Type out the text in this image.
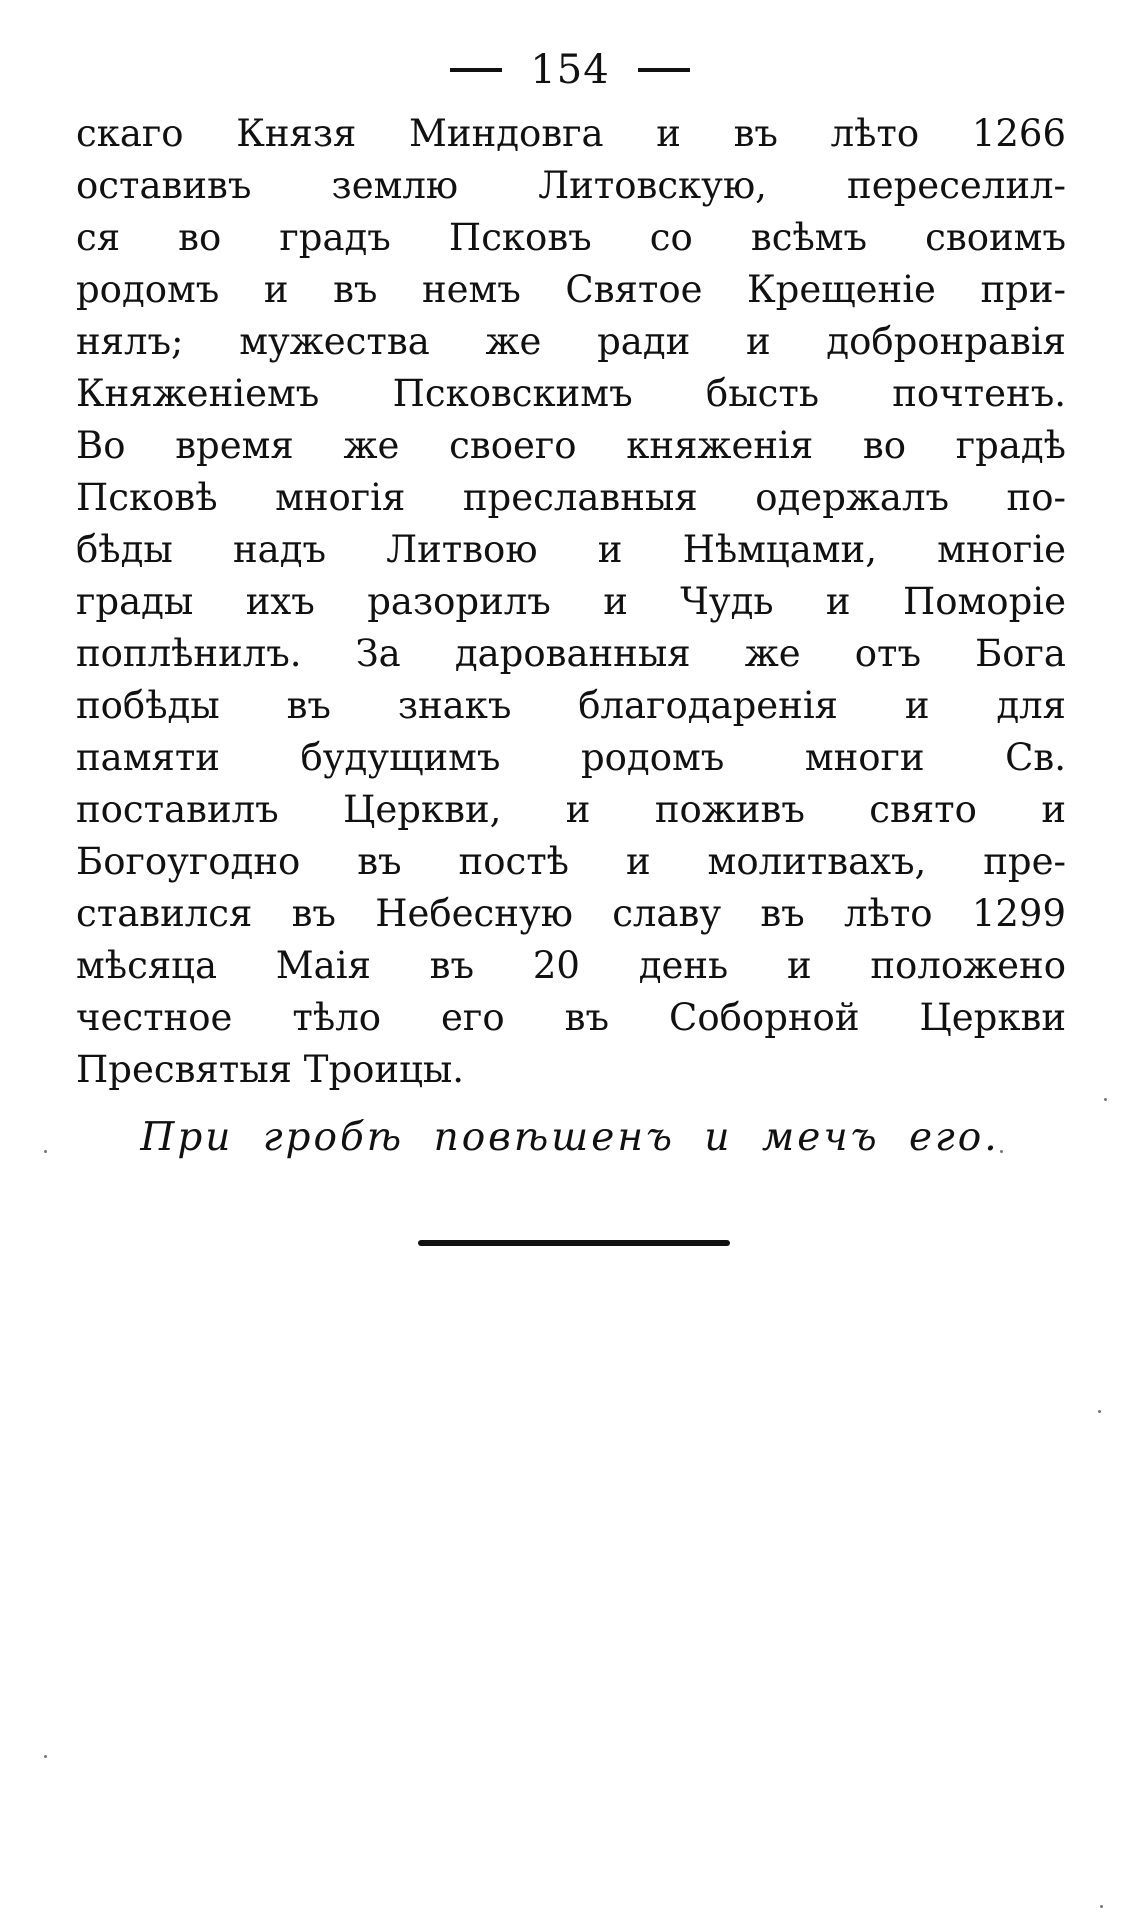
154
скаго Князя Миндовга и въ лѣто 1266
оставивъ землю Литовскую, переселил-
ся во градъ Псковъ со всѣмъ своимъ
родомъ и въ немъ Святое Крещеніе при-
нялъ; мужества же ради и добронравія
Княженіемъ Псковскимъ бысть почтенъ.
Во время же своего княженія во градѣ
Псковѣ многія преславныя одержалъ по-
бѣды надъ Литвою и Нѣмцами, многіе
грады ихъ разорилъ и Чудь и Поморіе
поплѣнилъ. За дарованныя же отъ Бога
побѣды въ знакъ благодаренія и для
памяти будущимъ родомъ многи Св.
поставилъ Церкви, и поживъ свято и
Богоугодно въ постѣ и молитвахъ, пре-
ставился въ Небесную славу въ лѣто 1299
мѣсяца Маія въ 20 день и положено
честное тѣло его въ Соборной Церкви
Пресвятыя Троицы.
При гробѣ повѣшенъ и мечъ его.
